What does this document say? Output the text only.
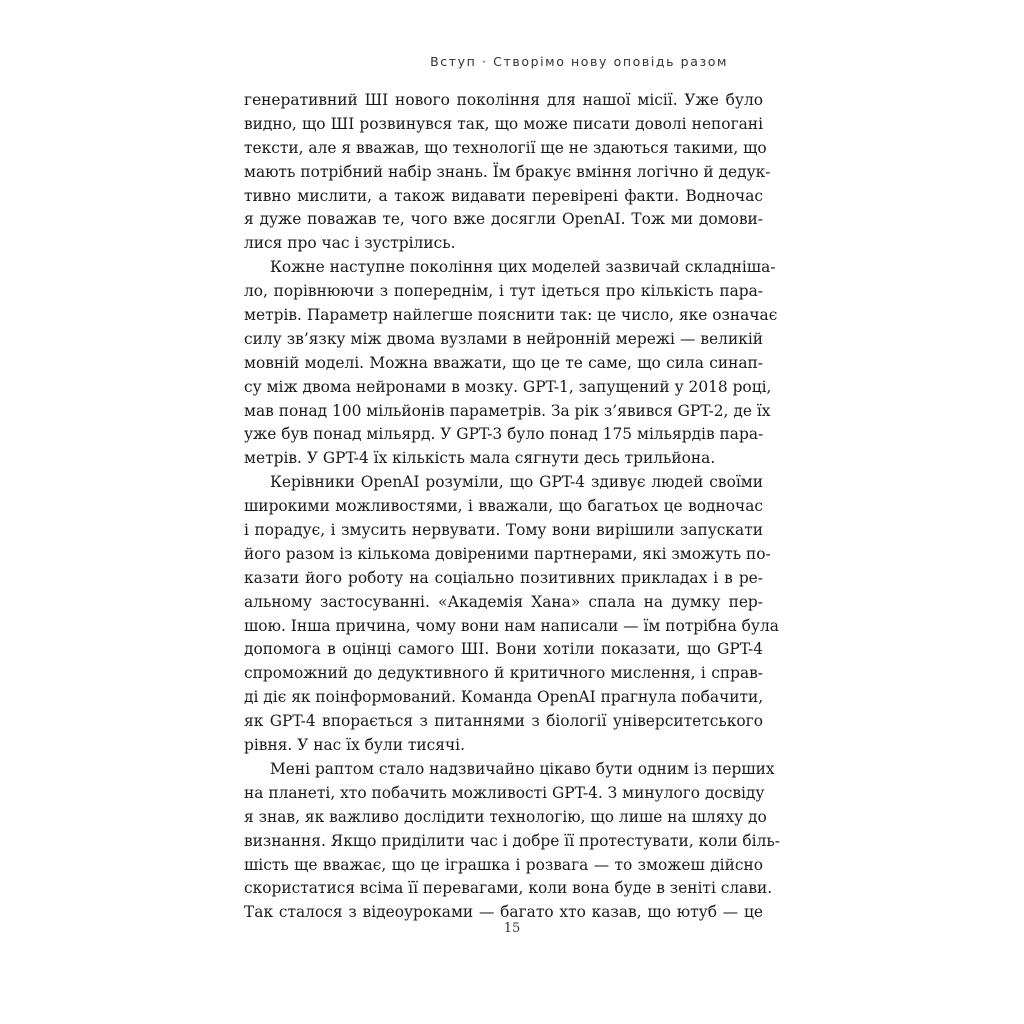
Вступ · Створімо нову оповідь разом
генеративний ШІ нового покоління для нашої місії. Уже було
видно, що ШІ розвинувся так, що може писати доволі непогані
тексти, але я вважав, що технології ще не здаються такими, що
мають потрібний набір знань. Їм бракує вміння логічно й дедук-
тивно мислити, а також видавати перевірені факти. Водночас
я дуже поважав те, чого вже досягли OpenAI. Тож ми домови-
лися про час і зустрілись.
Кожне наступне покоління цих моделей зазвичай складніша-
ло, порівнюючи з попереднім, і тут ідеться про кількість пара-
метрів. Параметр найлегше пояснити так: це число, яке означає
силу зв’язку між двома вузлами в нейронній мережі — великій
мовній моделі. Можна вважати, що це те саме, що сила синап-
су між двома нейронами в мозку. GPT-1, запущений у 2018 році,
мав понад 100 мільйонів параметрів. За рік з’явився GPT-2, де їх
уже був понад мільярд. У GPT-3 було понад 175 мільярдів пара-
метрів. У GPT-4 їх кількість мала сягнути десь трильйона.
Керівники OpenAI розуміли, що GPT-4 здивує людей своїми
широкими можливостями, і вважали, що багатьох це водночас
і порадує, і змусить нервувати. Тому вони вирішили запускати
його разом із кількома довіреними партнерами, які зможуть по-
казати його роботу на соціально позитивних прикладах і в ре-
альному застосуванні. «Академія Хана» спала на думку пер-
шою. Інша причина, чому вони нам написали — їм потрібна була
допомога в оцінці самого ШІ. Вони хотіли показати, що GPT-4
спроможний до дедуктивного й критичного мислення, і справ-
ді діє як поінформований. Команда OpenAI прагнула побачити,
як GPT-4 впорається з питаннями з біології університетського
рівня. У нас їх були тисячі.
Мені раптом стало надзвичайно цікаво бути одним із перших
на планеті, хто побачить можливості GPT-4. З минулого досвіду
я знав, як важливо дослідити технологію, що лише на шляху до
визнання. Якщо приділити час і добре її протестувати, коли біль-
шість ще вважає, що це іграшка і розвага — то зможеш дійсно
скористатися всіма її перевагами, коли вона буде в зеніті слави.
Так сталося з відеоуроками — багато хто казав, що ютуб — це
15
